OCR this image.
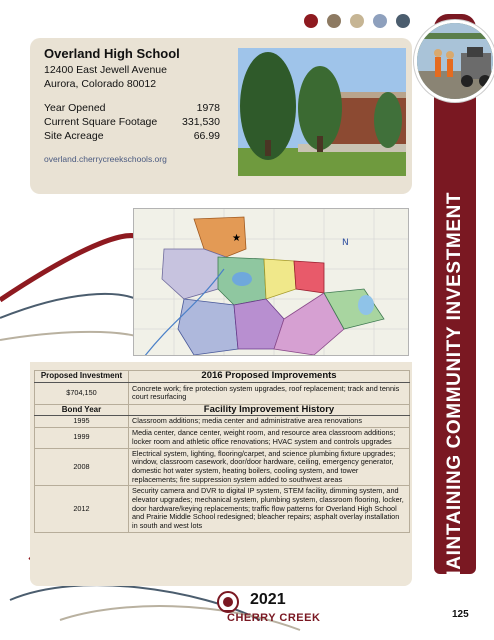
MAINTAINING COMMUNITY INVESTMENT
Overland High School
12400 East Jewell Avenue
Aurora, Colorado 80012
Year Opened	1978
Current Square Footage 331,530
Site Acreage	66.99
overland.cherrycreekschools.org
★	N
Proposed Investment	2016 Proposed Improvements
$704,150	Concrete work; fire protection system upgrades, roof replacement; track and tennis court resurfacing
Bond Year	Facility Improvement History
1995	Classroom additions; media center and administrative area renovations
1999	Media center, dance center, weight room, and resource area classroom additions; locker room and athletic office renovations; HVAC system and controls upgrades
2008	Electrical system, lighting, flooring/carpet, and science plumbing fixture upgrades; window, classroom casework, door/door hardware, ceiling, emergency generator, domestic hot water system, heating boilers, cooling system, and tower replacements; fire suppression system added to southwest areas
2012	Security camera and DVR to digital IP system, STEM facility, dimming system, and elevator upgrades; mechanical system, plumbing system, classroom flooring, locker, door hardware/keying replacements; traffic flow patterns for Overland High School and Prairie Middle School redesigned; bleacher repairs; asphalt overlay installation in south and west lots
2021
CHERRY CREEK	125
